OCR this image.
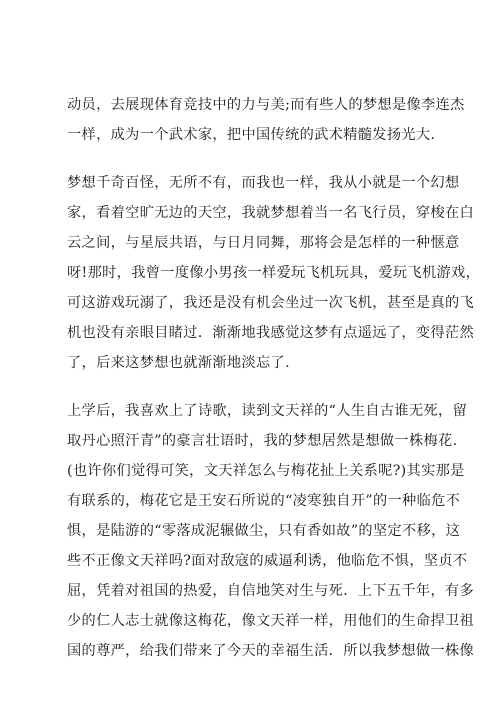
动员，去展现体育竞技中的力与美;而有些人的梦想是像李连杰
一样，成为一个武术家，把中国传统的武术精髓发扬光大.
梦想千奇百怪，无所不有，而我也一样，我从小就是一个幻想
家，看着空旷无边的天空，我就梦想着当一名飞行员，穿梭在白
云之间，与星辰共语，与日月同舞，那将会是怎样的一种惬意
呀!那时，我曾一度像小男孩一样爱玩飞机玩具，爱玩飞机游戏，
可这游戏玩溺了，我还是没有机会坐过一次飞机，甚至是真的飞
机也没有亲眼目睹过．渐渐地我感觉这梦有点遥远了，变得茫然
了，后来这梦想也就渐渐地淡忘了.
上学后，我喜欢上了诗歌，读到文天祥的“人生自古谁无死，留
取丹心照汗青”的豪言壮语时，我的梦想居然是想做一株梅花.
(也许你们觉得可笑，文天祥怎么与梅花扯上关系呢?)其实那是
有联系的，梅花它是王安石所说的“凌寒独自开”的一种临危不
惧，是陆游的“零落成泥辗做尘，只有香如故”的坚定不移，这
些不正像文天祥吗?面对敌寇的威逼利诱，他临危不惧，坚贞不
屈，凭着对祖国的热爱，自信地笑对生与死．上下五千年，有多
少的仁人志士就像这梅花，像文天祥一样，用他们的生命捍卫祖
国的尊严，给我们带来了今天的幸福生活．所以我梦想做一株像
